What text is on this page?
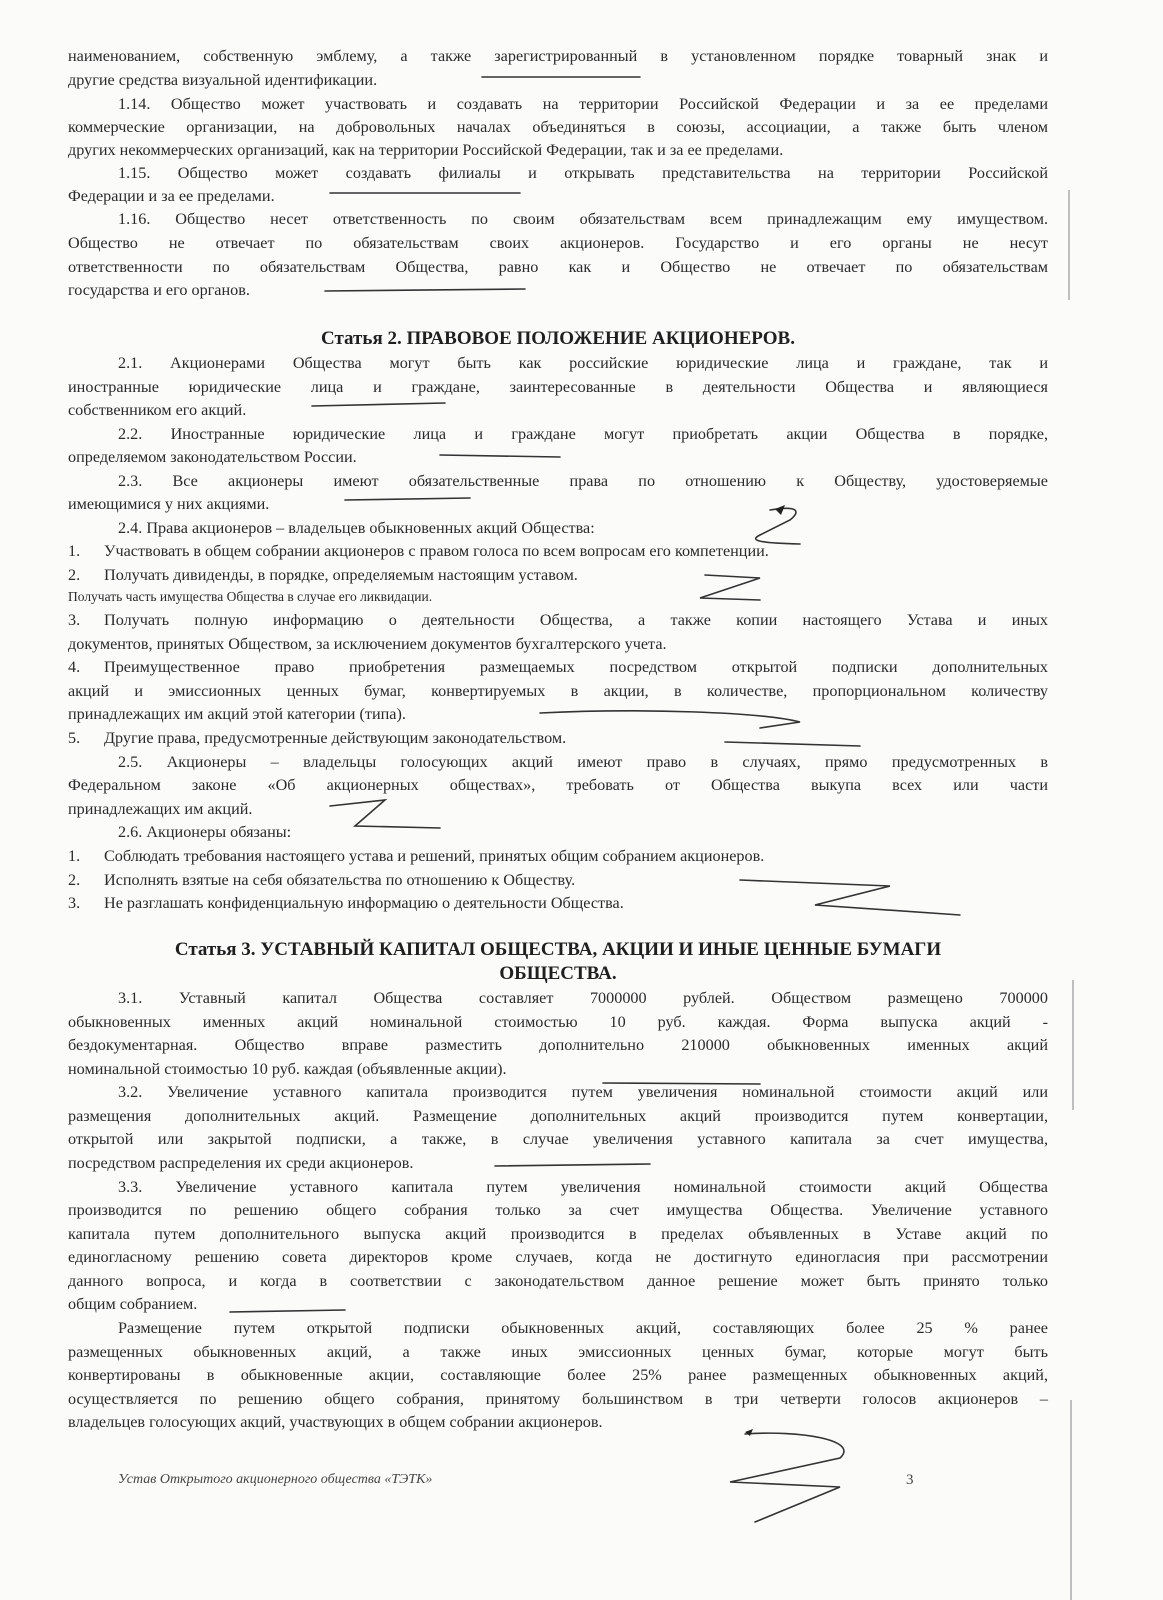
наименованием, собственную эмблему, а также зарегистрированный в установленном порядке товарный знак и
другие средства визуальной идентификации.
1.14. Общество может участвовать и создавать на территории Российской Федерации и за ее пределами
коммерческие организации, на добровольных началах объединяться в союзы, ассоциации, а также быть членом
других некоммерческих организаций, как на территории Российской Федерации, так и за ее пределами.
1.15. Общество может создавать филиалы и открывать представительства на территории Российской
Федерации и за ее пределами.
1.16. Общество несет ответственность по своим обязательствам всем принадлежащим ему имуществом.
Общество не отвечает по обязательствам своих акционеров. Государство и его органы не несут
ответственности по обязательствам Общества, равно как и Общество не отвечает по обязательствам
государства и его органов.
Статья 2. ПРАВОВОЕ ПОЛОЖЕНИЕ АКЦИОНЕРОВ.
2.1. Акционерами Общества могут быть как российские юридические лица и граждане, так и
иностранные юридические лица и граждане, заинтересованные в деятельности Общества и являющиеся
собственником его акций.
2.2. Иностранные юридические лица и граждане могут приобретать акции Общества в порядке,
определяемом законодательством России.
2.3. Все акционеры имеют обязательственные права по отношению к Обществу, удостоверяемые
имеющимися у них акциями.
2.4. Права акционеров – владельцев обыкновенных акций Общества:
1. Участвовать в общем собрании акционеров с правом голоса по всем вопросам его компетенции.
2. Получать дивиденды, в порядке, определяемым настоящим уставом.
Получать часть имущества Общества в случае его ликвидации.
3. Получать полную информацию о деятельности Общества, а также копии настоящего Устава и иных
документов, принятых Обществом, за исключением документов бухгалтерского учета.
4. Преимущественное право приобретения размещаемых посредством открытой подписки дополнительных
акций и эмиссионных ценных бумаг, конвертируемых в акции, в количестве, пропорциональном количеству
принадлежащих им акций этой категории (типа).
5. Другие права, предусмотренные действующим законодательством.
2.5. Акционеры – владельцы голосующих акций имеют право в случаях, прямо предусмотренных в
Федеральном законе «Об акционерных обществах», требовать от Общества выкупа всех или части
принадлежащих им акций.
2.6. Акционеры обязаны:
1. Соблюдать требования настоящего устава и решений, принятых общим собранием акционеров.
2. Исполнять взятые на себя обязательства по отношению к Обществу.
3. Не разглашать конфиденциальную информацию о деятельности Общества.
Статья 3. УСТАВНЫЙ КАПИТАЛ ОБЩЕСТВА, АКЦИИ И ИНЫЕ ЦЕННЫЕ БУМАГИ
ОБЩЕСТВА.
3.1. Уставный капитал Общества составляет 7000000 рублей. Обществом размещено 700000
обыкновенных именных акций номинальной стоимостью 10 руб. каждая. Форма выпуска акций -
бездокументарная. Общество вправе разместить дополнительно 210000 обыкновенных именных акций
номинальной стоимостью 10 руб. каждая (объявленные акции).
3.2. Увеличение уставного капитала производится путем увеличения номинальной стоимости акций или
размещения дополнительных акций. Размещение дополнительных акций производится путем конвертации,
открытой или закрытой подписки, а также, в случае увеличения уставного капитала за счет имущества,
посредством распределения их среди акционеров.
3.3. Увеличение уставного капитала путем увеличения номинальной стоимости акций Общества
производится по решению общего собрания только за счет имущества Общества. Увеличение уставного
капитала путем дополнительного выпуска акций производится в пределах объявленных в Уставе акций по
единогласному решению совета директоров кроме случаев, когда не достигнуто единогласия при рассмотрении
данного вопроса, и когда в соответствии с законодательством данное решение может быть принято только
общим собранием.
Размещение путем открытой подписки обыкновенных акций, составляющих более 25 % ранее
размещенных обыкновенных акций, а также иных эмиссионных ценных бумаг, которые могут быть
конвертированы в обыкновенные акции, составляющие более 25% ранее размещенных обыкновенных акций,
осуществляется по решению общего собрания, принятому большинством в три четверти голосов акционеров –
владельцев голосующих акций, участвующих в общем собрании акционеров.
Устав Открытого акционерного общества «ТЭТК»	3
